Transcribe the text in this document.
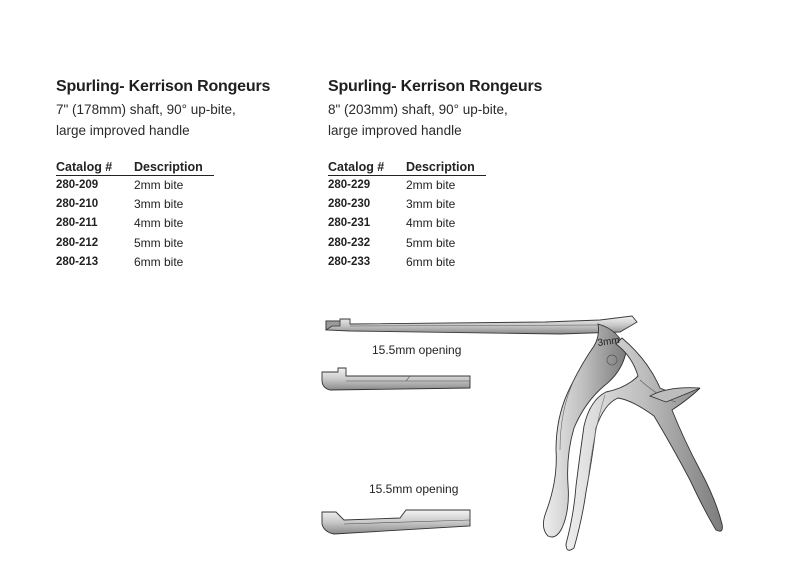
Spurling- Kerrison Rongeurs

7" (178mm) shaft, 90° up-bite,

large improved handle

Catalog #	Description
280-209	2mm bite
280-210	3mm bite
280-211	4mm bite
280-212	5mm bite
280-213	6mm bite

Spurling- Kerrison Rongeurs

8" (203mm) shaft, 90° up-bite,

large improved handle

Catalog #	Description
280-229	2mm bite
280-230	3mm bite
280-231	4mm bite
280-232	5mm bite
280-233	6mm bite
15.5mm opening
15.5mm opening
3mm
